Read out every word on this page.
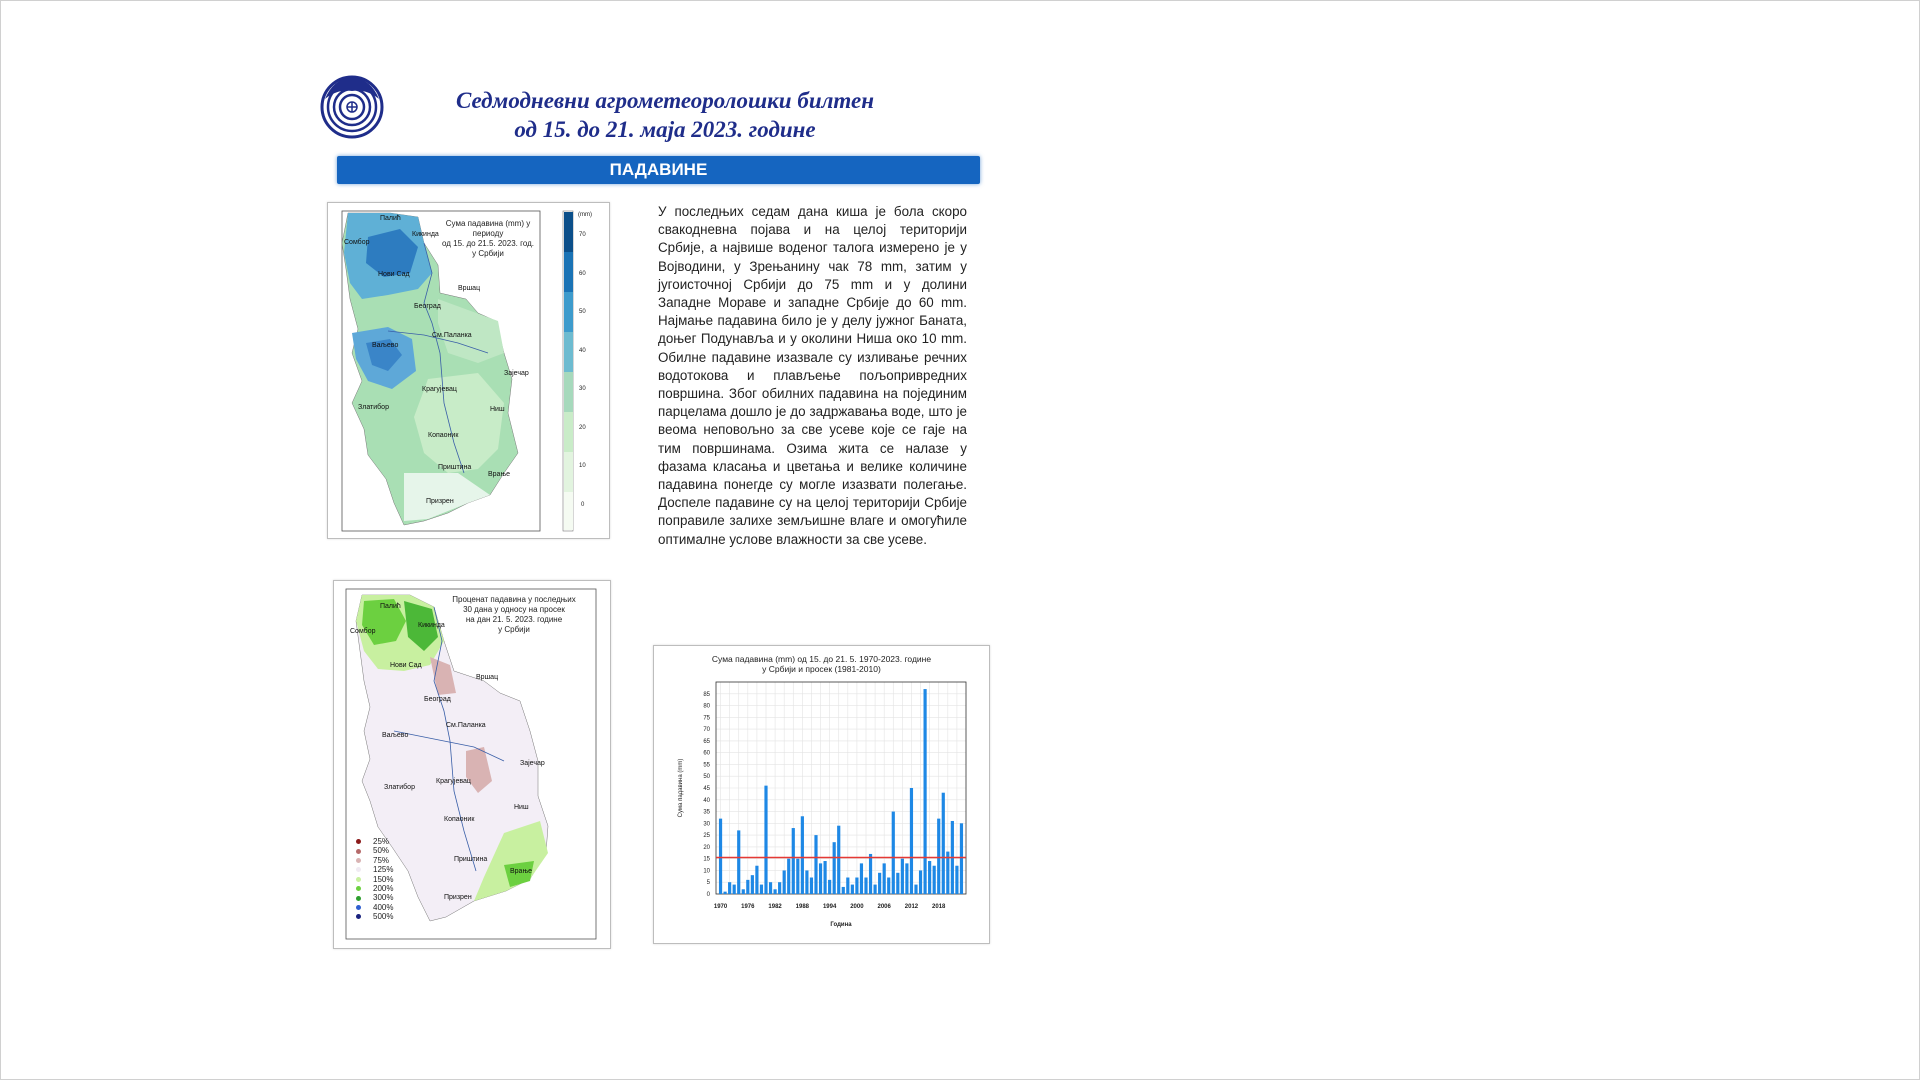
Седмодневни агрометеоролошки билтен
од 15. до 21. маја 2023. године
ПАДАВИНЕ
У последњих седам дана киша је бола скоро свакодневна појава и на целој територији Србије, а највише воденог талога измерено је у Војводини, у Зрењанину чак 78 mm, затим у југоисточној Србији до 75 mm и у долини Западне Мораве и западне Србије до 60 mm. Најмање падавина било је у делу јужног Баната, доњег Подунавља и у околини Ниша око 10 mm. Обилне падавине изазвале су изливање речних водотокова и плављење пољопривредних површина. Због обилних падавина на појединим парцелама дошло је до задржавања воде, што је веома неповољно за све усеве које се гаје на тим површинама. Озима жита се налазе у фазама класања и цветања и велике количине падавина понегде су могле изазвати полегање. Доспеле падавине су на целој територији Србије поправиле залихе земљишне влаге и омогућиле оптималне услове влажности за све усеве.
Палић
Кикинда
Сомбор
Нови Сад
Вршац
Београд
Ваљево
См.Паланка
Зајечар
Крагујевац
Златибор	Ниш
Копаоник
Приштина
Врање
Призрен
(mm)
70
60
50
40
30
20
10
0
Сума падавина (mm) у периоду
од 15. до 21.5. 2023. год.
у Србији
Палић
Сомбор
Кикинда
Нови Сад
Вршац
Београд
Ваљево
См.Паланка
Зајечар
Крагујевац
Златибор
Ниш
Копаоник
Приштина
Врање
Призрен
Проценат падавина у последњих
30 дана у односу на просек
на дан 21. 5. 2023. године
у Србији
25%
50%
75%
125%
150%
200%
300%
400%
500%
Сума падавина (mm) од 15. до 21. 5. 1970-2023. године
у Србији и просек (1981-2010)
0
5
10
15
20
25
30
35
40
45
50
55
60
65
70
75
80
85
1970 1976 1982 1988 1994 2000 2006 2012 2018
Година
Сума падавина (mm)
